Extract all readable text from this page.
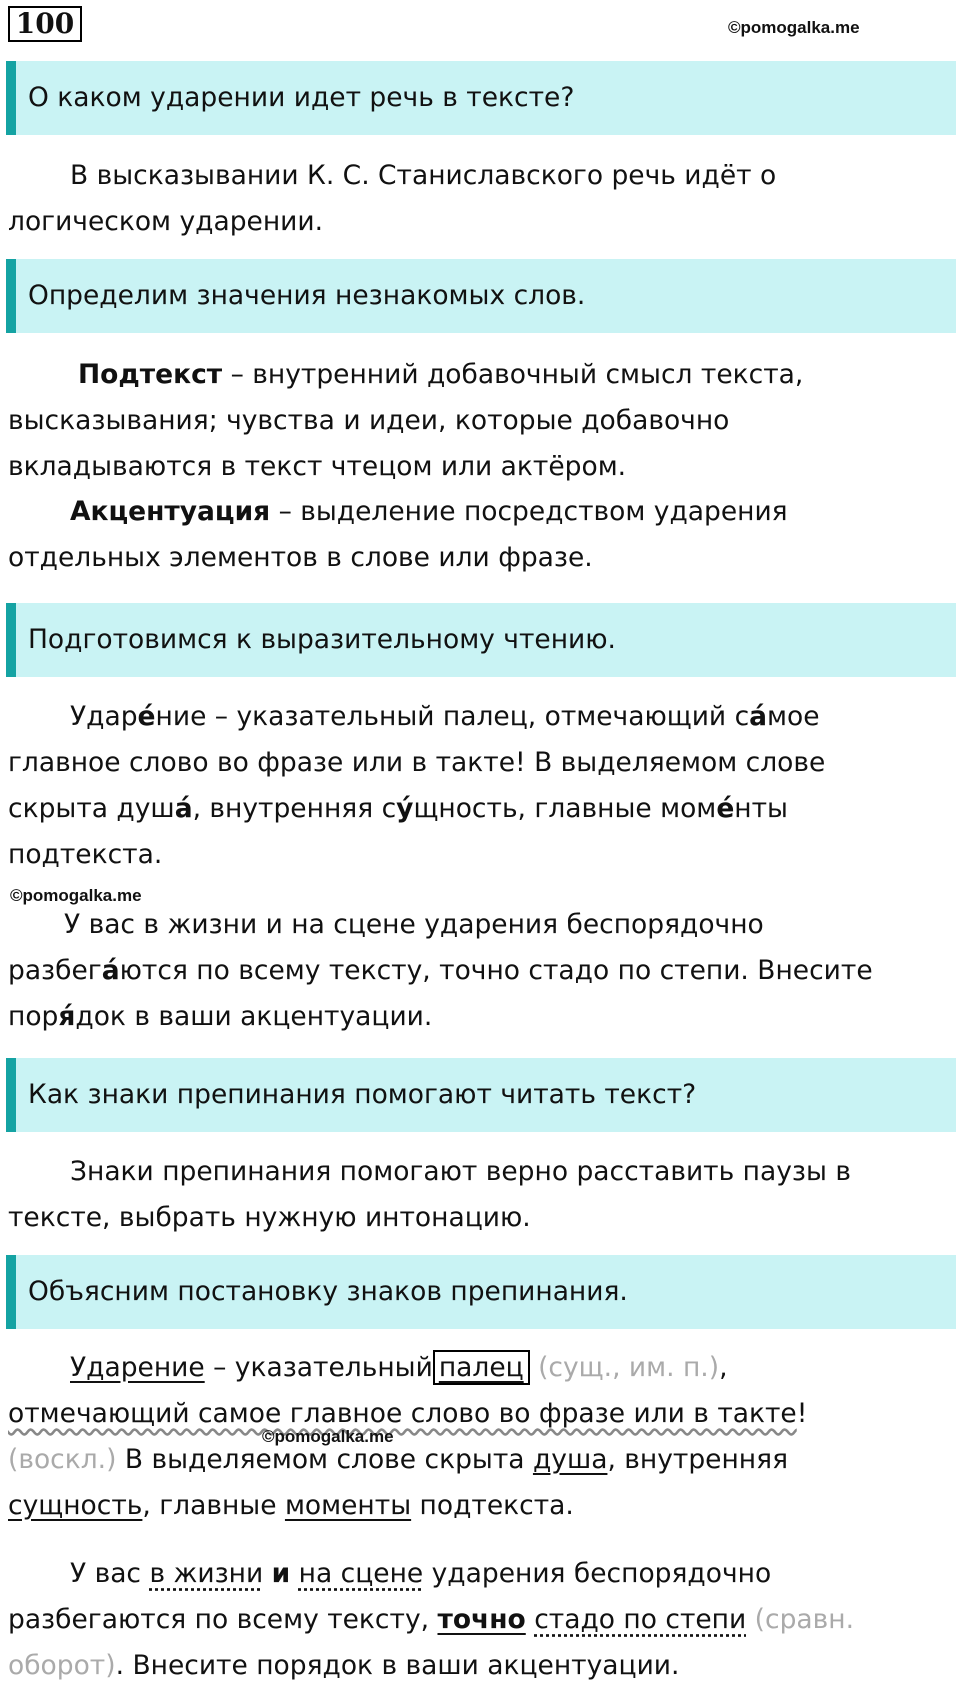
100	©pomogalka.me
О каком ударении идет речь в тексте?
В высказывании К. С. Станиславского речь идёт о
логическом ударении.
Определим значения незнакомых слов.
Подтекст – внутренний добавочный смысл текста,
высказывания; чувства и идеи, которые добавочно
вкладываются в текст чтецом или актёром.
Акцентуация – выделение посредством ударения
отдельных элементов в слове или фразе.
Подготовимся к выразительному чтению.
Ударе́ние – указательный палец, отмечающий са́мое
главное слово во фразе или в такте! В выделяемом слове
скрыта душа́, внутренняя су́щность, главные моме́нты
подтекста.
©pomogalka.me
У вас в жизни и на сцене ударения беспорядочно
разбега́ются по всему тексту, точно стадо по степи. Внесите
поря́док в ваши акцентуации.
Как знаки препинания помогают читать текст?
Знаки препинания помогают верно расставить паузы в
тексте, выбрать нужную интонацию.
Объясним постановку знаков препинания.
Ударение – указательный палец (сущ., им. п.),
отмечающий самое главное слово во фразе или в такте!
(воскл.) В выделяемом слове скрыта душа, внутренняя
сущность, главные моменты подтекста.
©pomogalka.me
У вас в жизни и на сцене ударения беспорядочно
разбегаются по всему тексту, точно стадо по степи (сравн.
оборот). Внесите порядок в ваши акцентуации.
